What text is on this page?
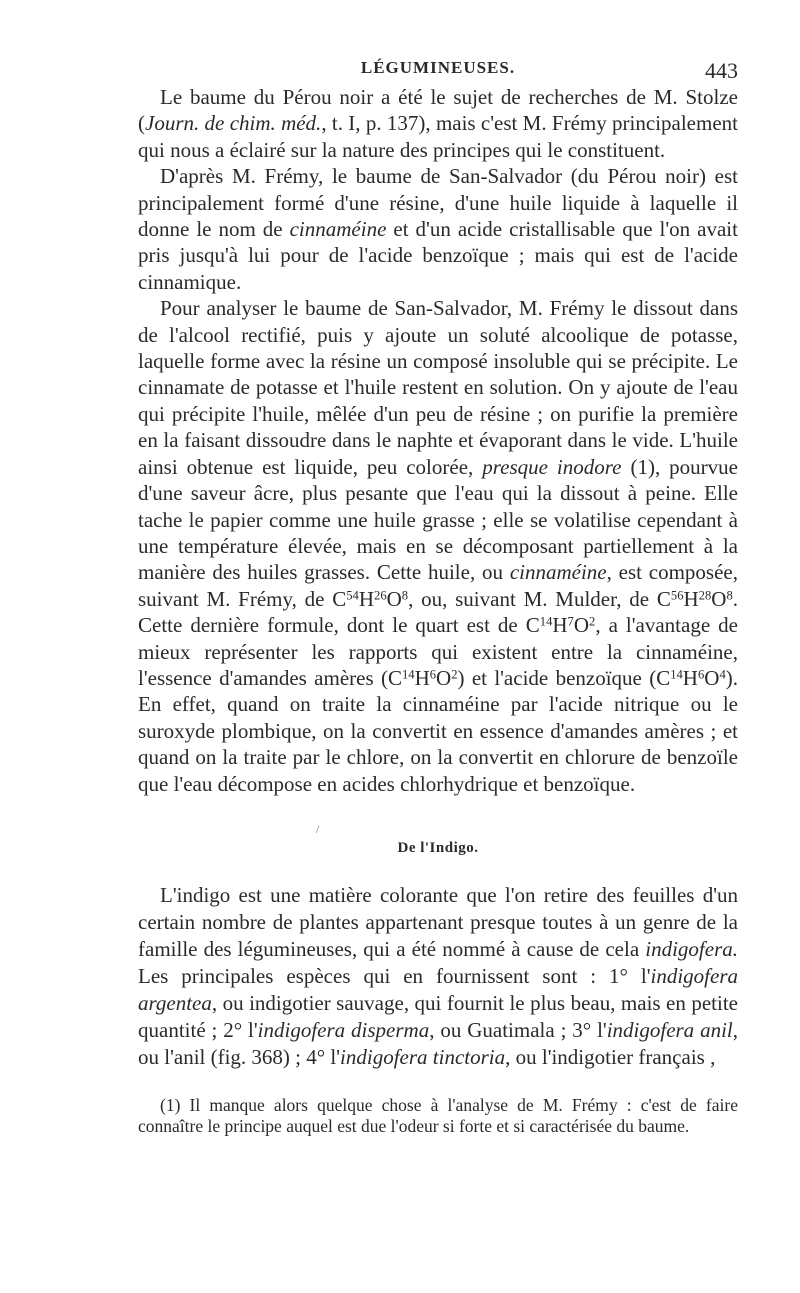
LÉGUMINEUSES.	443

Le baume du Pérou noir a été le sujet de recherches de M. Stolze (Journ. de chim. méd., t. I, p. 137), mais c'est M. Frémy principalement qui nous a éclairé sur la nature des principes qui le constituent.

D'après M. Frémy, le baume de San-Salvador (du Pérou noir) est principalement formé d'une résine, d'une huile liquide à laquelle il donne le nom de cinnaméine et d'un acide cristallisable que l'on avait pris jusqu'à lui pour de l'acide benzoïque ; mais qui est de l'acide cinnamique.

Pour analyser le baume de San-Salvador, M. Frémy le dissout dans de l'alcool rectifié, puis y ajoute un soluté alcoolique de potasse, laquelle forme avec la résine un composé insoluble qui se précipite. Le cinnamate de potasse et l'huile restent en solution. On y ajoute de l'eau qui précipite l'huile, mêlée d'un peu de résine ; on purifie la première en la faisant dissoudre dans le naphte et évaporant dans le vide. L'huile ainsi obtenue est liquide, peu colorée, presque inodore (1), pourvue d'une saveur âcre, plus pesante que l'eau qui la dissout à peine. Elle tache le papier comme une huile grasse ; elle se volatilise cependant à une température élevée, mais en se décomposant partiellement à la manière des huiles grasses. Cette huile, ou cinnaméine, est composée, suivant M. Frémy, de $C^{54}H^{26}O^8$, ou, suivant M. Mulder, de $C^{56}H^{28}O^8$. Cette dernière formule, dont le quart est de $C^{14}H^7O^2$, a l'avantage de mieux représenter les rapports qui existent entre la cinnaméine, l'essence d'amandes amères $(C^{14}H^6O^2)$ et l'acide benzoïque $(C^{14}H^6O^4)$. En effet, quand on traite la cinnaméine par l'acide nitrique ou le suroxyde plombique, on la convertit en essence d'amandes amères ; et quand on la traite par le chlore, on la convertit en chlorure de benzoïle que l'eau décompose en acides chlorhydrique et benzoïque.

/
De l'Indigo.

L'indigo est une matière colorante que l'on retire des feuilles d'un certain nombre de plantes appartenant presque toutes à un genre de la famille des légumineuses, qui a été nommé à cause de cela indigofera. Les principales espèces qui en fournissent sont : 1° l'indigofera argentea, ou indigotier sauvage, qui fournit le plus beau, mais en petite quantité ; 2° l'indigofera disperma, ou Guatimala ; 3° l'indigofera anil, ou l'anil (fig. 368) ; 4° l'indigofera tinctoria, ou l'indigotier français ,

(1) Il manque alors quelque chose à l'analyse de M. Frémy : c'est de faire connaître le principe auquel est due l'odeur si forte et si caractérisée du baume.
